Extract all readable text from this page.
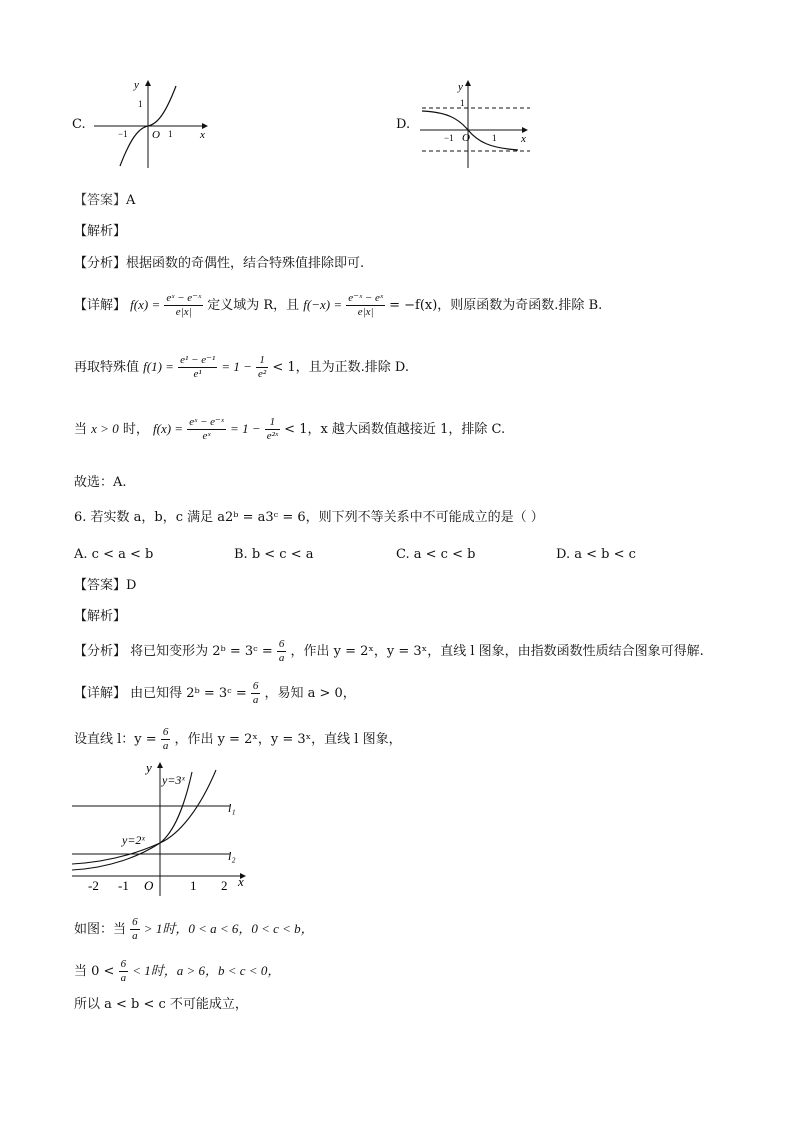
C.
y
x
O
−1	1
1
D.
y
x
O
−1	1
1
【答案】A
【解析】
【分析】根据函数的奇偶性，结合特殊值排除即可.
【详解】 $f(x) = \frac{\text{eˣ − e⁻ˣ}}{e|x|}$ 定义域为 R，且 $f(-x) = \frac{\text{e⁻ˣ − eˣ}}{e|x|} = -f(x)$，则原函数为奇函数.排除 B.
再取特殊值 $f(1) = \frac{\text{e¹ − e⁻¹}}{\text{e¹}} = 1 - \frac{1}{\text{e²}} < 1$，且为正数.排除 D.
当 x > 0 时， $f(x) = \frac{\text{eˣ − e⁻ˣ}}{\text{eˣ}} = 1 - \frac{1}{\text{e²ˣ}} < 1$，x 越大函数值越接近 1，排除 C.
故选：A.
6. 若实数 a，b，c 满足 a2ᵇ = a3ᶜ = 6，则下列不等关系中不可能成立的是（ ）
A. c < a < b	B. b < c < a	C. a < c < b	D. a < b < c
【答案】D
【解析】
【分析】 将已知变形为 2ᵇ = 3ᶜ = $\frac{6}{a}$ ，作出 y = 2ˣ，y = 3ˣ，直线 l 图象，由指数函数性质结合图象可得解.
【详解】 由已知得 2ᵇ = 3ᶜ = $\frac{6}{a}$ ，易知 a > 0，
设直线 l：$y = \frac{6}{a}$ ，作出 y = 2ˣ，y = 3ˣ，直线 l 图象，
y
x
O
y=3ˣ
y=2ˣ
l₁
l₂
-2 -1	1 2
如图：当 $\frac{6}{a} > 1$时，0 < a < 6，0 < c < b，
当 $0 < \frac{6}{a} < 1$时，a > 6，b < c < 0，
所以 a < b < c 不可能成立，
